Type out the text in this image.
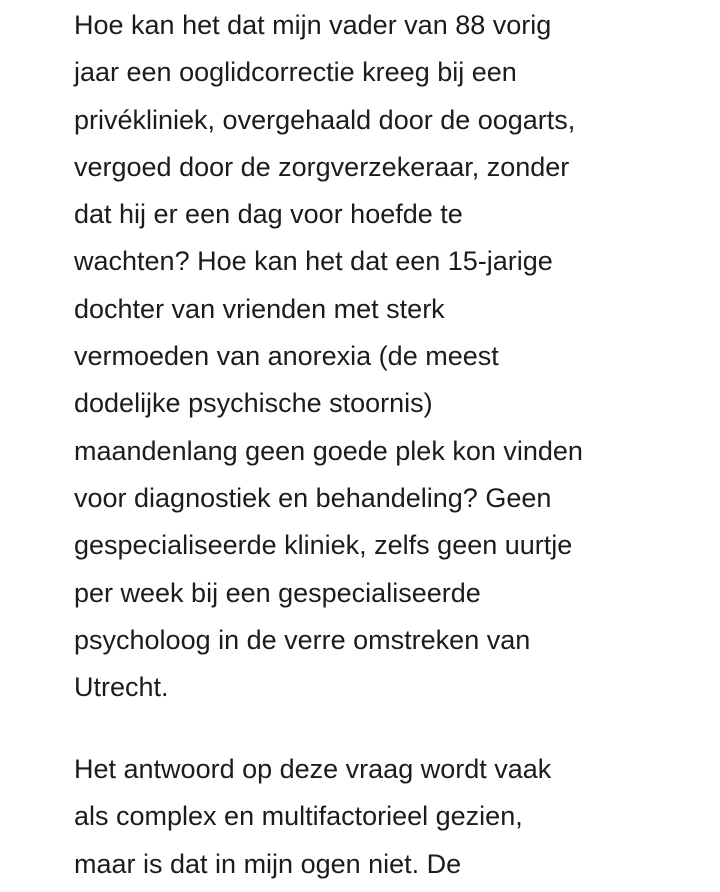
Hoe kan het dat mijn vader van 88 vorig
jaar een ooglidcorrectie kreeg bij een
privékliniek, overgehaald door de oogarts,
vergoed door de zorgverzekeraar, zonder
dat hij er een dag voor hoefde te
wachten? Hoe kan het dat een 15-jarige
dochter van vrienden met sterk
vermoeden van anorexia (de meest
dodelijke psychische stoornis)
maandenlang geen goede plek kon vinden
voor diagnostiek en behandeling? Geen
gespecialiseerde kliniek, zelfs geen uurtje
per week bij een gespecialiseerde
psycholoog in de verre omstreken van
Utrecht.

Het antwoord op deze vraag wordt vaak
als complex en multifactorieel gezien,
maar is dat in mijn ogen niet. De
